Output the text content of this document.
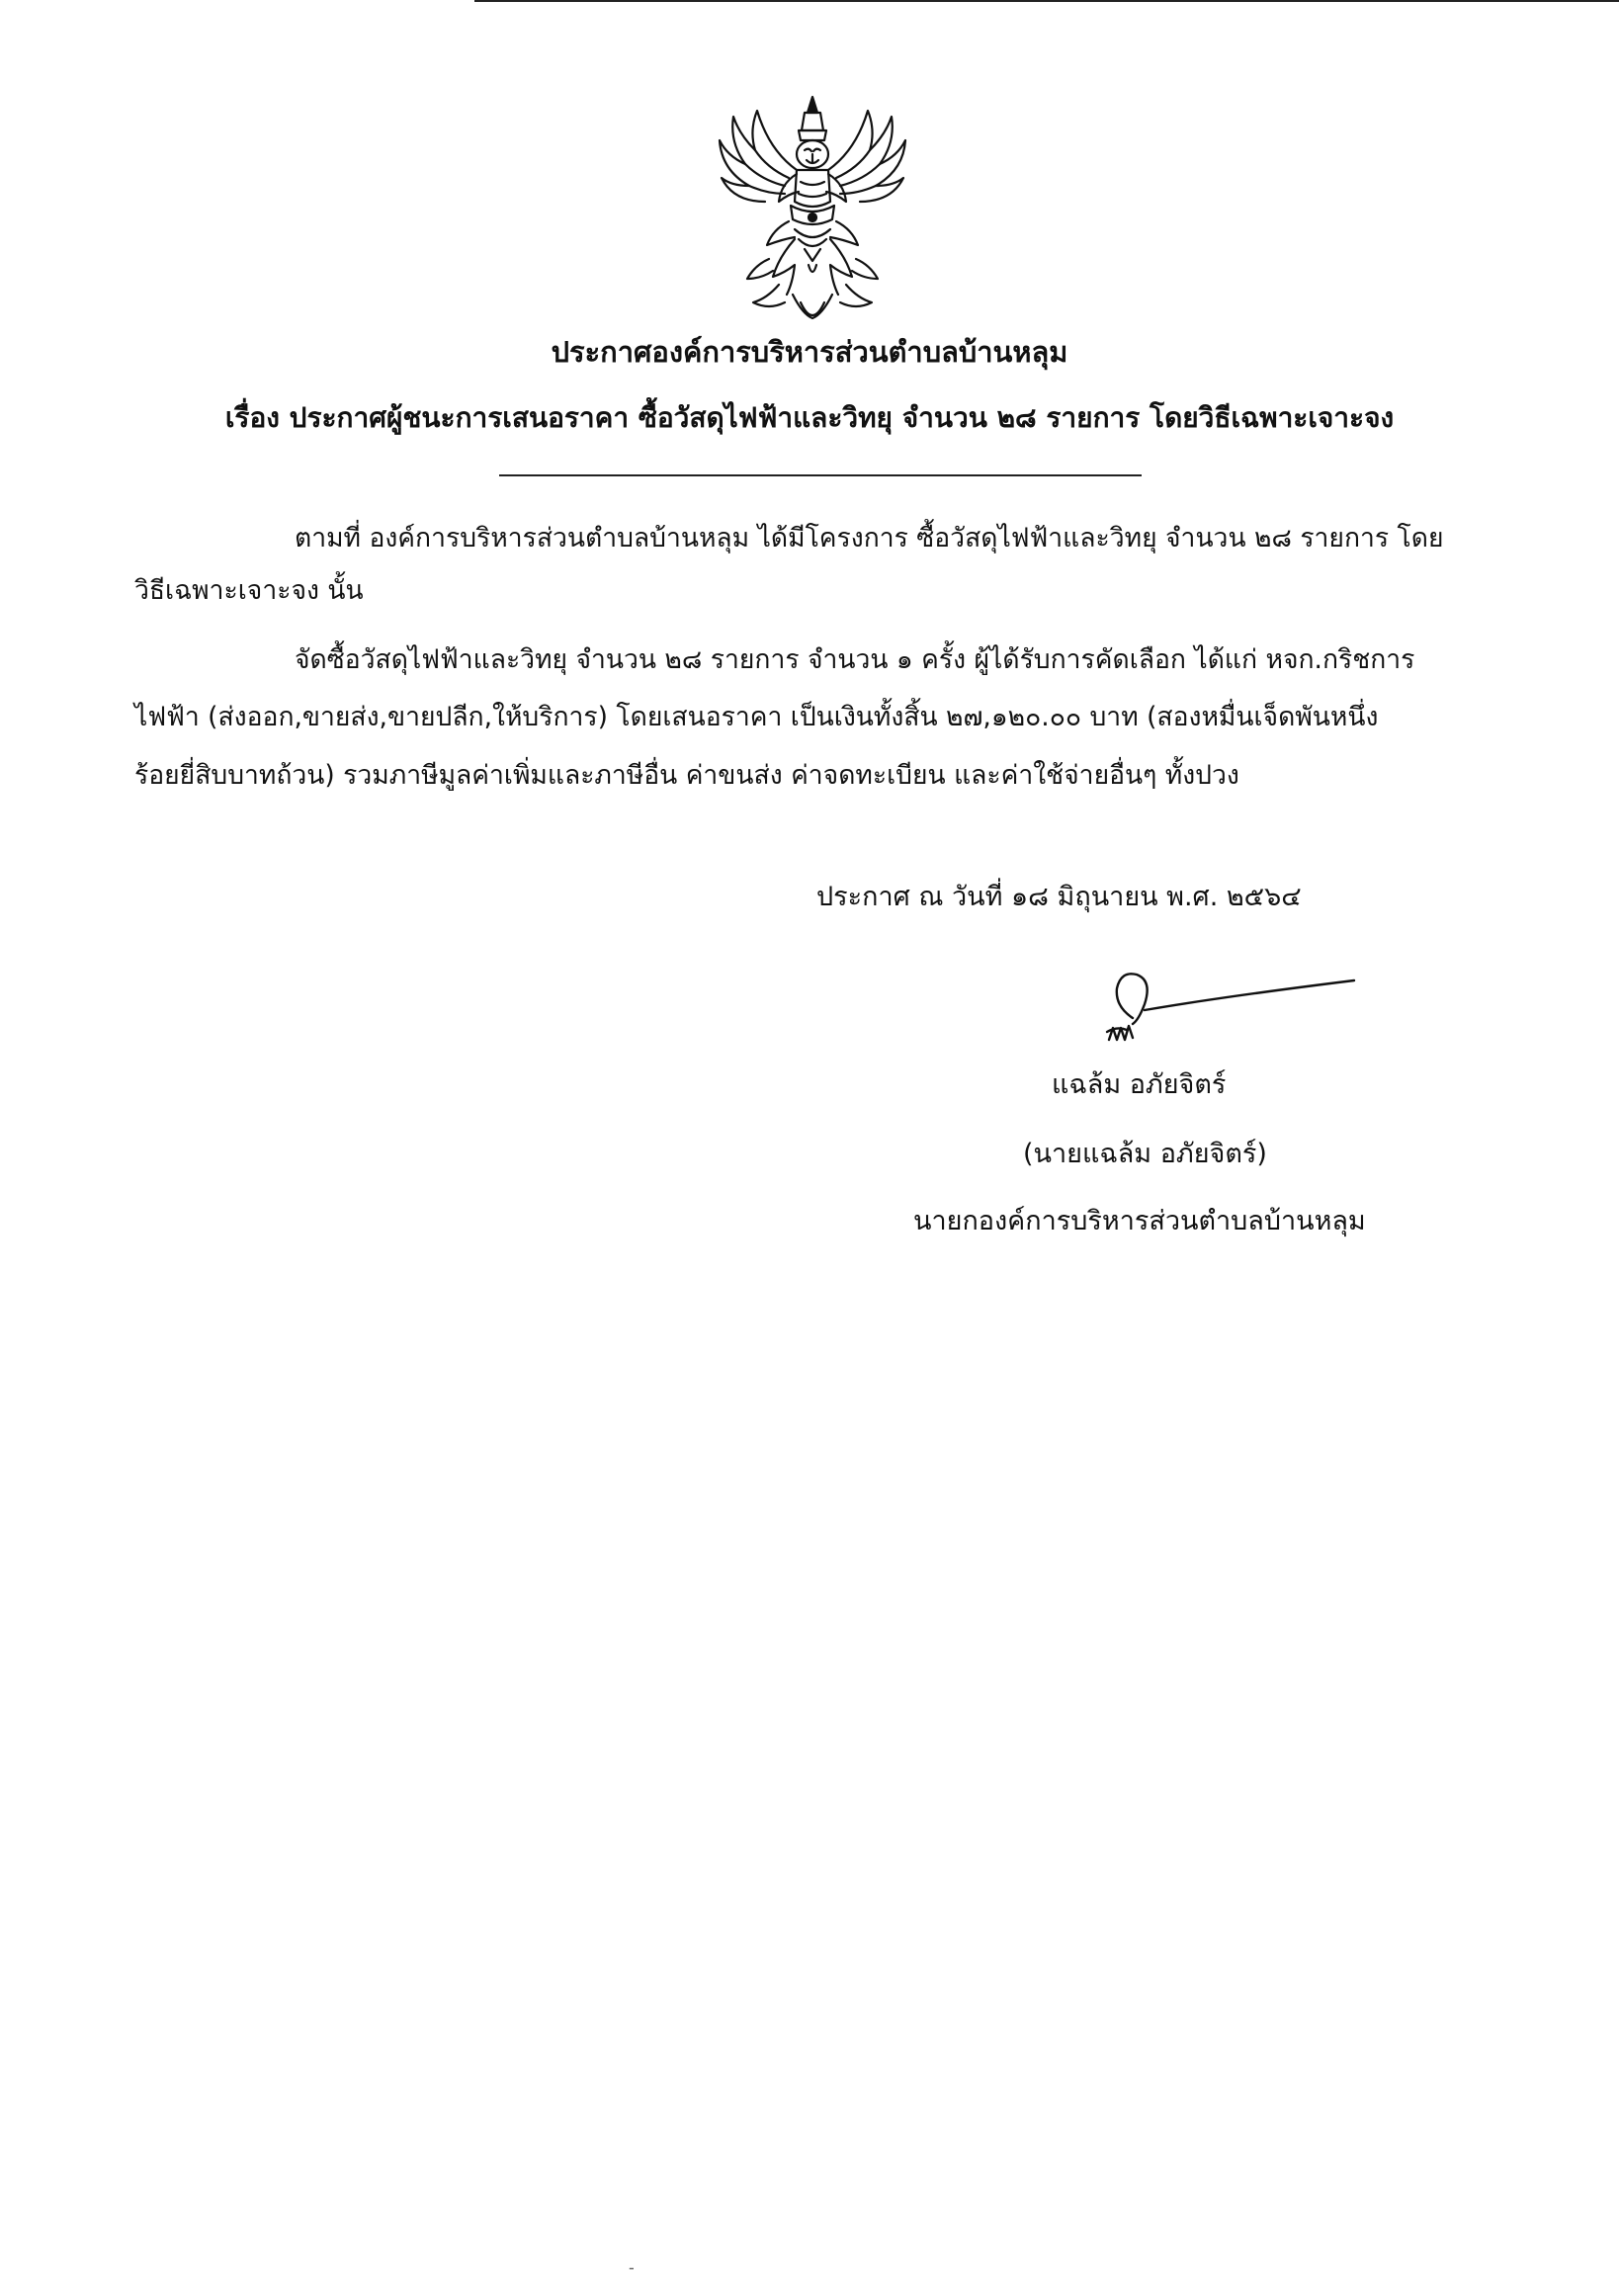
ประกาศองค์การบริหารส่วนตำบลบ้านหลุม
เรื่อง ประกาศผู้ชนะการเสนอราคา ซื้อวัสดุไฟฟ้าและวิทยุ จำนวน ๒๘ รายการ โดยวิธีเฉพาะเจาะจง
ตามที่ องค์การบริหารส่วนตำบลบ้านหลุม ได้มีโครงการ ซื้อวัสดุไฟฟ้าและวิทยุ จำนวน ๒๘ รายการ โดย
วิธีเฉพาะเจาะจง นั้น
จัดซื้อวัสดุไฟฟ้าและวิทยุ จำนวน ๒๘ รายการ จำนวน ๑ ครั้ง ผู้ได้รับการคัดเลือก ได้แก่ หจก.กริชการ
ไฟฟ้า (ส่งออก,ขายส่ง,ขายปลีก,ให้บริการ) โดยเสนอราคา เป็นเงินทั้งสิ้น ๒๗,๑๒๐.๐๐ บาท (สองหมื่นเจ็ดพันหนึ่ง
ร้อยยี่สิบบาทถ้วน) รวมภาษีมูลค่าเพิ่มและภาษีอื่น ค่าขนส่ง ค่าจดทะเบียน และค่าใช้จ่ายอื่นๆ ทั้งปวง
ประกาศ ณ วันที่ ๑๘ มิถุนายน พ.ศ. ๒๕๖๔
แฉล้ม อภัยจิตร์
(นายแฉล้ม อภัยจิตร์)
นายกองค์การบริหารส่วนตำบลบ้านหลุม
-
